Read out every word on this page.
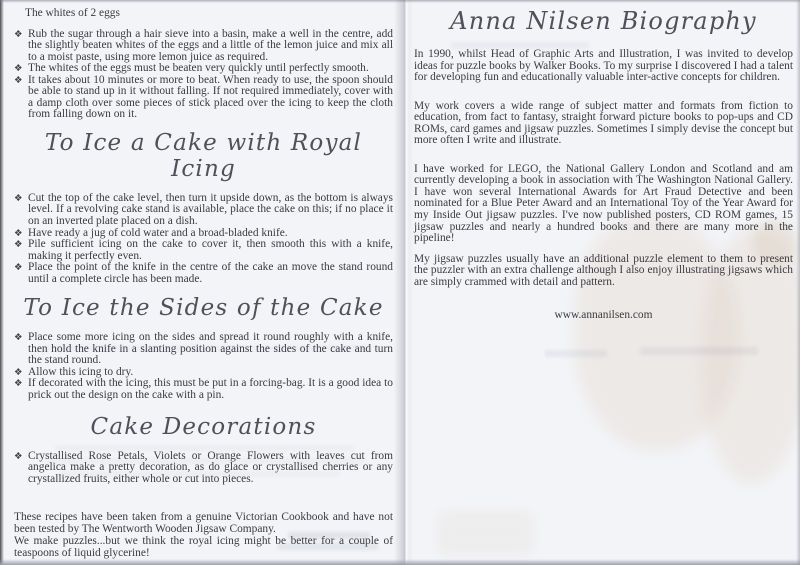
The whites of 2 eggs
❖ Rub the sugar through a hair sieve into a basin, make a well in the centre, add the slightly beaten whites of the eggs and a little of the lemon juice and mix all to a moist paste, using more lemon juice as required.
❖ The whites of the eggs must be beaten very quickly until perfectly smooth.
❖ It takes about 10 minutes or more to beat. When ready to use, the spoon should be able to stand up in it without falling. If not required immediately, cover with a damp cloth over some pieces of stick placed over the icing to keep the cloth from falling down on it.
To Ice a Cake with Royal Icing
❖ Cut the top of the cake level, then turn it upside down, as the bottom is always level. If a revolving cake stand is available, place the cake on this; if no place it on an inverted plate placed on a dish.
❖ Have ready a jug of cold water and a broad-bladed knife.
❖ Pile sufficient icing on the cake to cover it, then smooth this with a knife, making it perfectly even.
❖ Place the point of the knife in the centre of the cake an move the stand round until a complete circle has been made.
To Ice the Sides of the Cake
❖ Place some more icing on the sides and spread it round roughly with a knife, then hold the knife in a slanting position against the sides of the cake and turn the stand round.
❖ Allow this icing to dry.
❖ If decorated with the icing, this must be put in a forcing-bag. It is a good idea to prick out the design on the cake with a pin.
Cake Decorations
❖ Crystallised Rose Petals, Violets or Orange Flowers with leaves cut from angelica make a pretty decoration, as do glace or crystallised cherries or any crystallized fruits, either whole or cut into pieces.

These recipes have been taken from a genuine Victorian Cookbook and have not been tested by The Wentworth Wooden Jigsaw Company.

We make puzzles...but we think the royal icing might be better for a couple of teaspoons of liquid glycerine!

Anna Nilsen Biography

In 1990, whilst Head of Graphic Arts and Illustration, I was invited to develop ideas for puzzle books by Walker Books. To my surprise I discovered I had a talent for developing fun and educationally valuable inter-active concepts for children.

My work covers a wide range of subject matter and formats from fiction to education, from fact to fantasy, straight forward picture books to pop-ups and CD ROMs, card games and jigsaw puzzles. Sometimes I simply devise the concept but more often I write and illustrate.

I have worked for LEGO, the National Gallery London and Scotland and am currently developing a book in association with The Washington National Gallery. I have won several International Awards for Art Fraud Detective and been nominated for a Blue Peter Award and an International Toy of the Year Award for my Inside Out jigsaw puzzles. I've now published posters, CD ROM games, 15 jigsaw puzzles and nearly a hundred books and there are many more in the pipeline!

My jigsaw puzzles usually have an additional puzzle element to them to present the puzzler with an extra challenge although I also enjoy illustrating jigsaws which are simply crammed with detail and pattern.

www.annanilsen.com
